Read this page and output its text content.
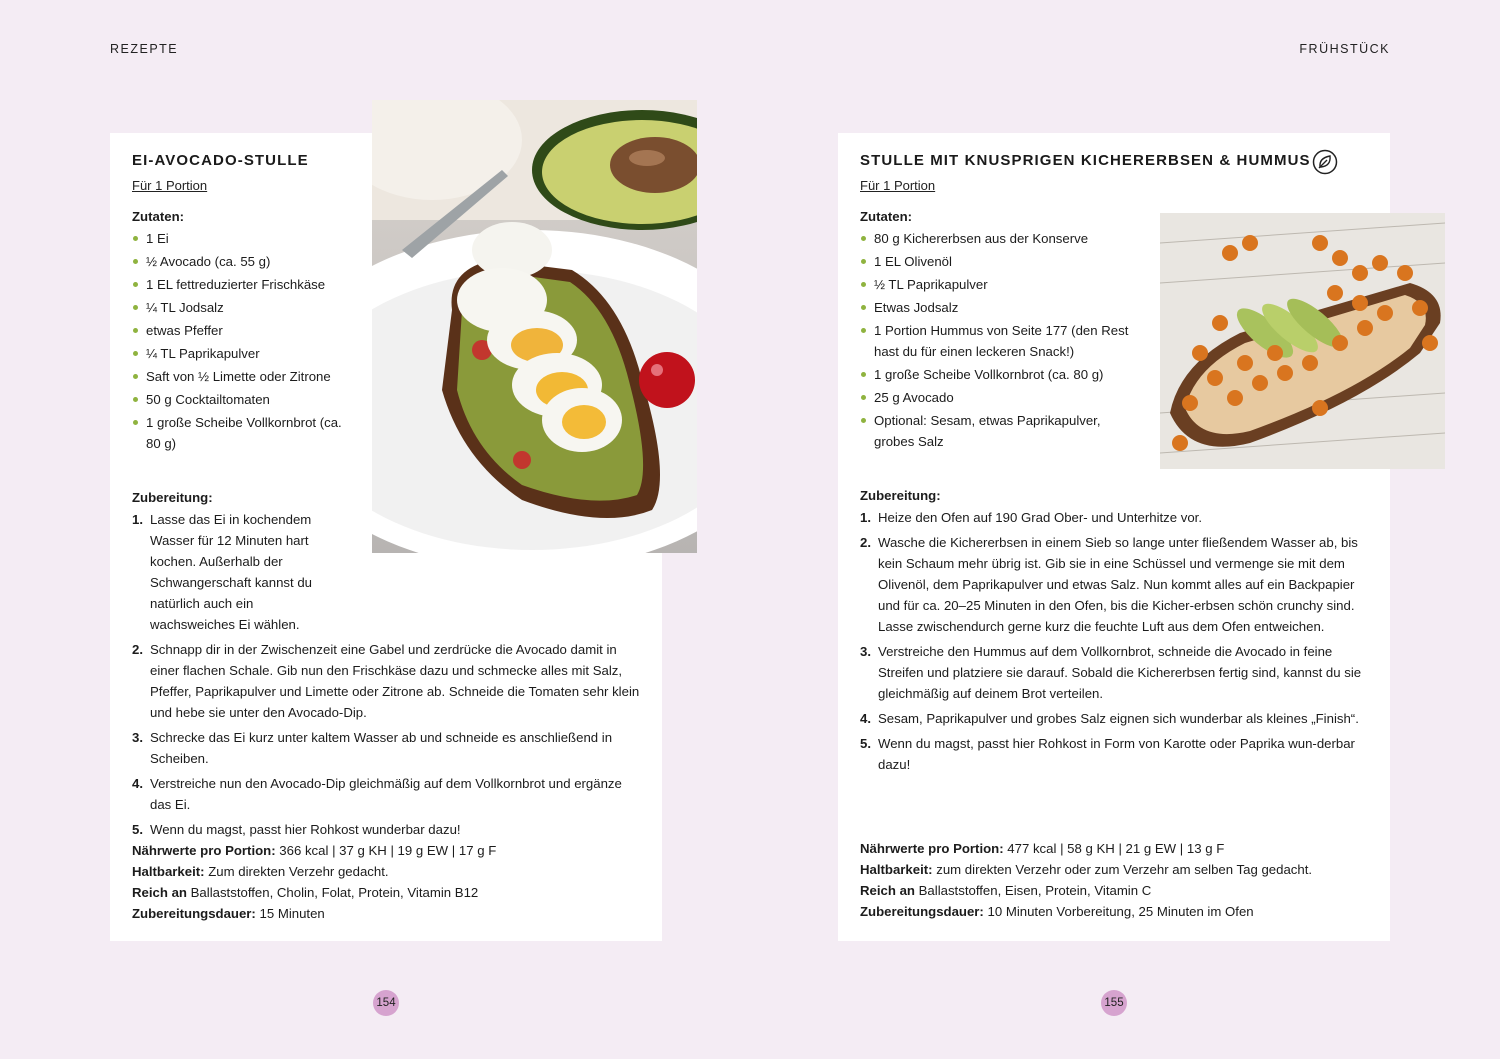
REZEPTE	FRÜHSTÜCK
EI-AVOCADO-STULLE
Für 1 Portion
Zutaten:
1 Ei
½ Avocado (ca. 55 g)
1 EL fettreduzierter Frischkäse
¼ TL Jodsalz
etwas Pfeffer
¼ TL Paprikapulver
Saft von ½ Limette oder Zitrone
50 g Cocktailtomaten
1 große Scheibe Vollkornbrot (ca. 80 g)
Zubereitung:
1. Lasse das Ei in kochendem Wasser für 12 Minuten hart kochen. Außerhalb der Schwangerschaft kannst du natürlich auch ein wachsweiches Ei wählen.
2. Schnapp dir in der Zwischenzeit eine Gabel und zerdrücke die Avocado damit in einer flachen Schale. Gib nun den Frischkäse dazu und schmecke alles mit Salz, Pfeffer, Paprikapulver und Limette oder Zitrone ab. Schneide die Tomaten sehr klein und hebe sie unter den Avocado-Dip.
3. Schrecke das Ei kurz unter kaltem Wasser ab und schneide es anschließend in Scheiben.
4. Verstreiche nun den Avocado-Dip gleichmäßig auf dem Vollkornbrot und ergänze das Ei.
5. Wenn du magst, passt hier Rohkost wunderbar dazu!
Nährwerte pro Portion: 366 kcal | 37 g KH | 19 g EW | 17 g F
Haltbarkeit: Zum direkten Verzehr gedacht.
Reich an Ballaststoffen, Cholin, Folat, Protein, Vitamin B12
Zubereitungsdauer: 15 Minuten
STULLE MIT KNUSPRIGEN KICHERERBSEN & HUMMUS
Für 1 Portion
Zutaten:
80 g Kichererbsen aus der Konserve
1 EL Olivenöl
½ TL Paprikapulver
Etwas Jodsalz
1 Portion Hummus von Seite 177 (den Rest hast du für einen leckeren Snack!)
1 große Scheibe Vollkornbrot (ca. 80 g)
25 g Avocado
Optional: Sesam, etwas Paprikapulver, grobes Salz
Zubereitung:
1. Heize den Ofen auf 190 Grad Ober- und Unterhitze vor.
2. Wasche die Kichererbsen in einem Sieb so lange unter fließendem Wasser ab, bis kein Schaum mehr übrig ist. Gib sie in eine Schüssel und vermenge sie mit dem Olivenöl, dem Paprikapulver und etwas Salz. Nun kommt alles auf ein Backpapier und für ca. 20–25 Minuten in den Ofen, bis die Kicher-erbsen schön crunchy sind. Lasse zwischendurch gerne kurz die feuchte Luft aus dem Ofen entweichen.
3. Verstreiche den Hummus auf dem Vollkornbrot, schneide die Avocado in feine Streifen und platziere sie darauf. Sobald die Kichererbsen fertig sind, kannst du sie gleichmäßig auf deinem Brot verteilen.
4. Sesam, Paprikapulver und grobes Salz eignen sich wunderbar als kleines „Finish“.
5. Wenn du magst, passt hier Rohkost in Form von Karotte oder Paprika wun-derbar dazu!
Nährwerte pro Portion: 477 kcal | 58 g KH | 21 g EW | 13 g F
Haltbarkeit: zum direkten Verzehr oder zum Verzehr am selben Tag gedacht.
Reich an Ballaststoffen, Eisen, Protein, Vitamin C
Zubereitungsdauer: 10 Minuten Vorbereitung, 25 Minuten im Ofen
154	155
